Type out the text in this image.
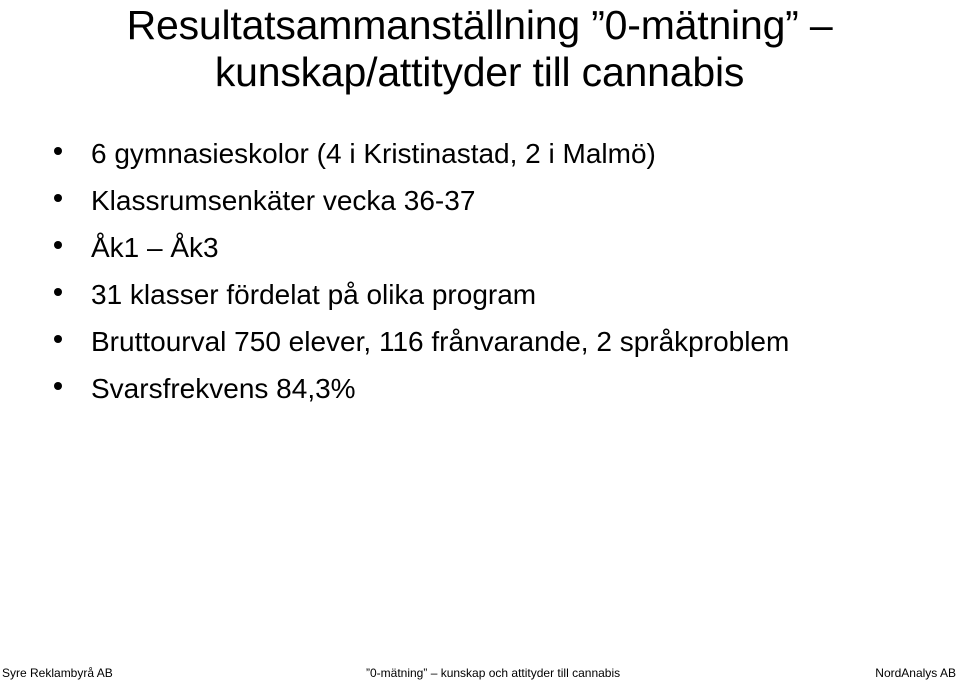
Resultatsammanställning ”0-mätning” –
kunskap/attityder till cannabis
6 gymnasieskolor (4 i Kristinastad, 2 i Malmö)
Klassrumsenkäter vecka 36-37
Åk1 – Åk3
31 klasser fördelat på olika program
Bruttourval 750 elever, 116 frånvarande, 2 språkproblem
Svarsfrekvens 84,3%
Syre Reklambyrå AB	”0-mätning” – kunskap och attityder till cannabis	NordAnalys AB
